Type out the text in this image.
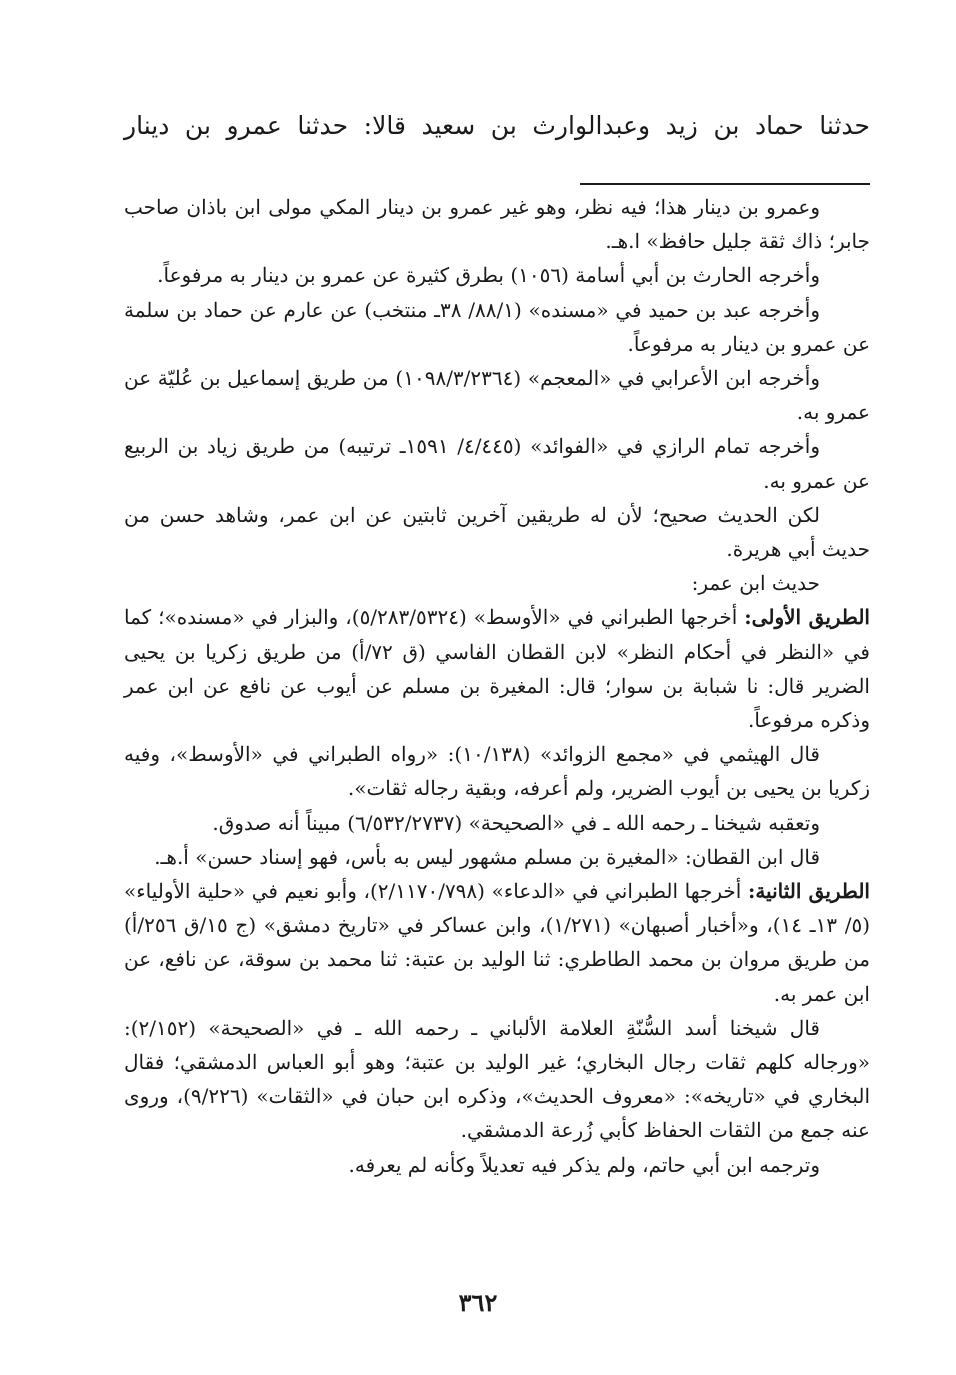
حدثنا حماد بن زيد وعبدالوارث بن سعيد قالا: حدثنا عمرو بن دينار

وعمرو بن دينار هذا؛ فيه نظر، وهو غير عمرو بن دينار المكي مولى ابن باذان صاحب جابر؛ ذاك ثقة جليل حافظ» ا.هـ.

وأخرجه الحارث بن أبي أسامة (١٠٥٦) بطرق كثيرة عن عمرو بن دينار به مرفوعاً.

وأخرجه عبد بن حميد في «مسنده» (٨٨/١/ ٣٨ـ منتخب) عن عارم عن حماد بن سلمة عن عمرو بن دينار به مرفوعاً.

وأخرجه ابن الأعرابي في «المعجم» (١٠٩٨/٣/٢٣٦٤) من طريق إسماعيل بن عُليّة عن عمرو به.

وأخرجه تمام الرازي في «الفوائد» (٤/٤٤٥/ ١٥٩١ـ ترتيبه) من طريق زياد بن الربيع عن عمرو به.

لكن الحديث صحيح؛ لأن له طريقين آخرين ثابتين عن ابن عمر، وشاهد حسن من حديث أبي هريرة.

حديث ابن عمر:

الطريق الأولى: أخرجها الطبراني في «الأوسط» (٥/٢٨٣/٥٣٢٤)، والبزار في «مسنده»؛ كما في «النظر في أحكام النظر» لابن القطان الفاسي (ق ٧٢/أ) من طريق زكريا بن يحيى الضرير قال: نا شبابة بن سوار؛ قال: المغيرة بن مسلم عن أيوب عن نافع عن ابن عمر وذكره مرفوعاً.

قال الهيثمي في «مجمع الزوائد» (١٠/١٣٨): «رواه الطبراني في «الأوسط»، وفيه زكريا بن يحيى بن أيوب الضرير، ولم أعرفه، وبقية رجاله ثقات».

وتعقبه شيخنا ـ رحمه الله ـ في «الصحيحة» (٦/٥٣٢/٢٧٣٧) مبيناً أنه صدوق.

قال ابن القطان: «المغيرة بن مسلم مشهور ليس به بأس، فهو إسناد حسن» أ.هـ.

الطريق الثانية: أخرجها الطبراني في «الدعاء» (٢/١١٧٠/٧٩٨)، وأبو نعيم في «حلية الأولياء» (٥/ ١٣ـ ١٤)، و«أخبار أصبهان» (١/٢٧١)، وابن عساكر في «تاريخ دمشق» (ج ١٥/ق ٢٥٦/أ) من طريق مروان بن محمد الطاطري: ثنا الوليد بن عتبة: ثنا محمد بن سوقة، عن نافع، عن ابن عمر به.

قال شيخنا أسد السُّنّةِ العلامة الألباني ـ رحمه الله ـ في «الصحيحة» (٢/١٥٢): «ورجاله كلهم ثقات رجال البخاري؛ غير الوليد بن عتبة؛ وهو أبو العباس الدمشقي؛ فقال البخاري في «تاريخه»: «معروف الحديث»، وذكره ابن حبان في «الثقات» (٩/٢٢٦)، وروى عنه جمع من الثقات الحفاظ كأبي زُرعة الدمشقي.

وترجمه ابن أبي حاتم، ولم يذكر فيه تعديلاً وكأنه لم يعرفه.

٣٦٢
